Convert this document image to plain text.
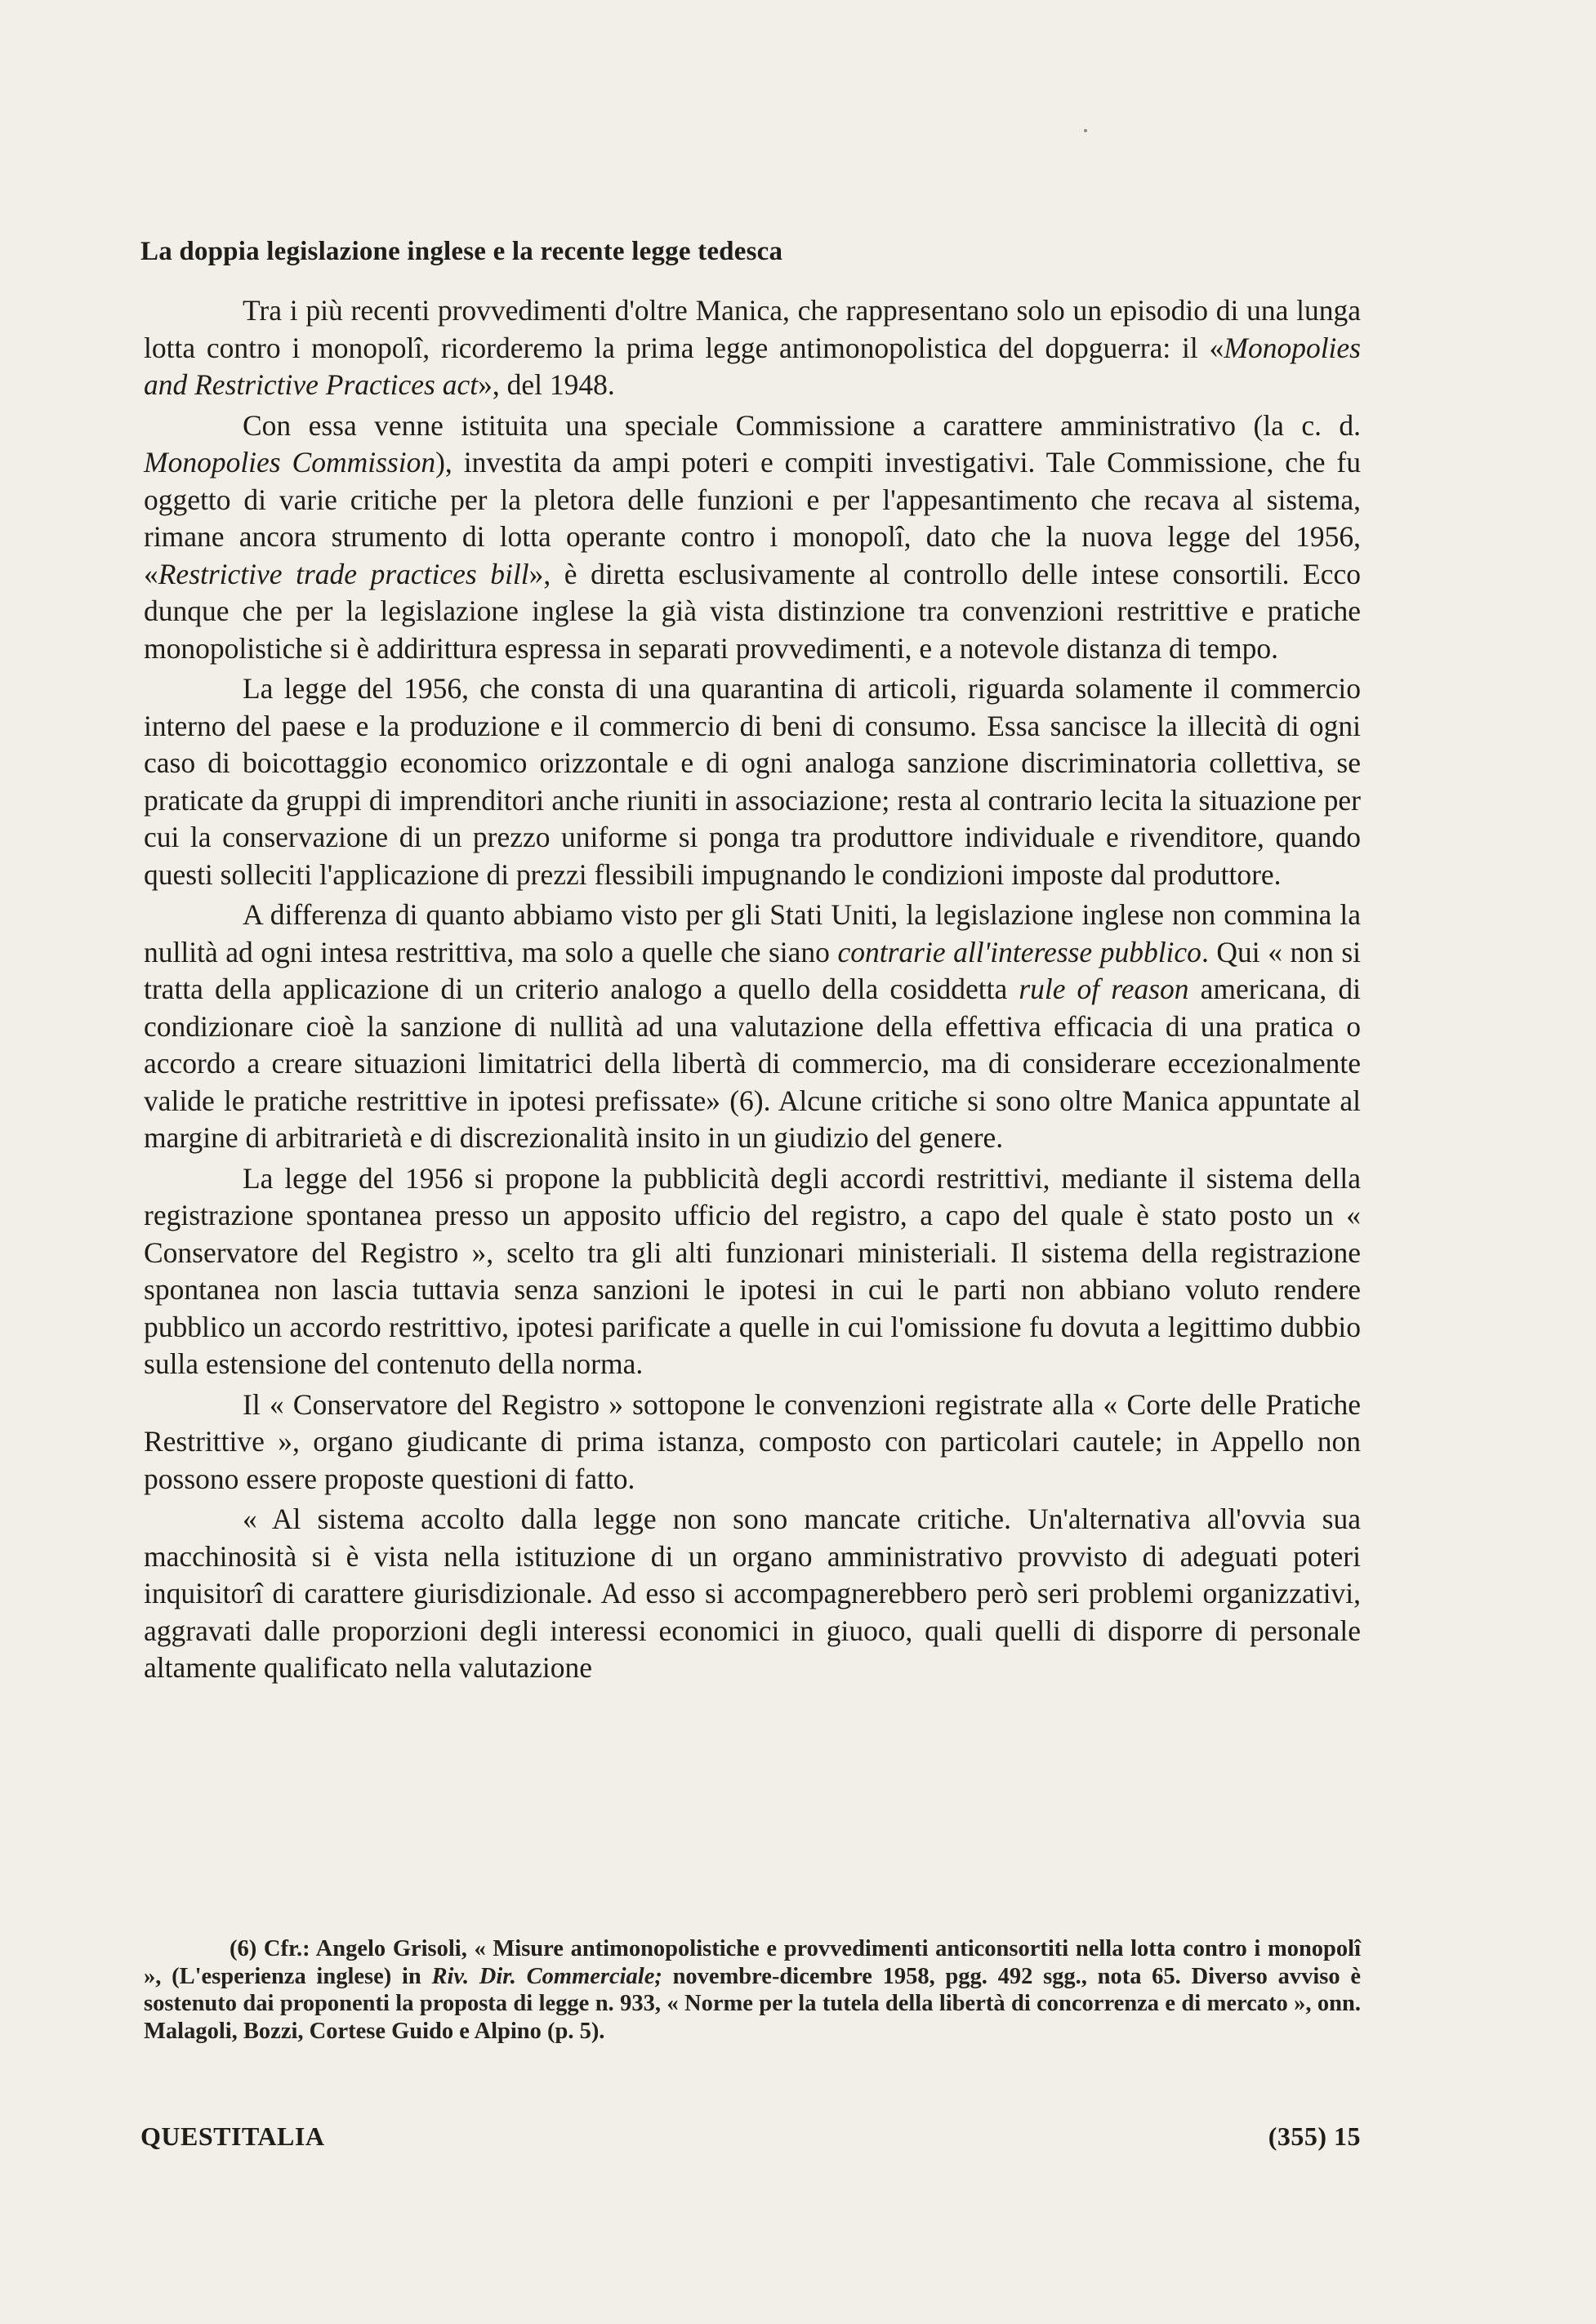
La doppia legislazione inglese e la recente legge tedesca

Tra i più recenti provvedimenti d'oltre Manica, che rappresentano solo un episodio di una lunga lotta contro i monopolî, ricorderemo la prima legge antimonopolistica del dopguerra: il «Monopolies and Restrictive Practices act», del 1948.

Con essa venne istituita una speciale Commissione a carattere amministrativo (la c. d. Monopolies Commission), investita da ampi poteri e compiti investigativi. Tale Commissione, che fu oggetto di varie critiche per la pletora delle funzioni e per l'appesantimento che recava al sistema, rimane ancora strumento di lotta operante contro i monopolî, dato che la nuova legge del 1956, «Restrictive trade practices bill», è diretta esclusivamente al controllo delle intese consortili. Ecco dunque che per la legislazione inglese la già vista distinzione tra convenzioni restrittive e pratiche monopolistiche si è addirittura espressa in separati provvedimenti, e a notevole distanza di tempo.

La legge del 1956, che consta di una quarantina di articoli, riguarda solamente il commercio interno del paese e la produzione e il commercio di beni di consumo. Essa sancisce la illecità di ogni caso di boicottaggio economico orizzontale e di ogni analoga sanzione discriminatoria collettiva, se praticate da gruppi di imprenditori anche riuniti in associazione; resta al contrario lecita la situazione per cui la conservazione di un prezzo uniforme si ponga tra produttore individuale e rivenditore, quando questi solleciti l'applicazione di prezzi flessibili impugnando le condizioni imposte dal produttore.

A differenza di quanto abbiamo visto per gli Stati Uniti, la legislazione inglese non commina la nullità ad ogni intesa restrittiva, ma solo a quelle che siano contrarie all'interesse pubblico. Qui « non si tratta della applicazione di un criterio analogo a quello della cosiddetta rule of reason americana, di condizionare cioè la sanzione di nullità ad una valutazione della effettiva efficacia di una pratica o accordo a creare situazioni limitatrici della libertà di commercio, ma di considerare eccezionalmente valide le pratiche restrittive in ipotesi prefissate» (6). Alcune critiche si sono oltre Manica appuntate al margine di arbitrarietà e di discrezionalità insito in un giudizio del genere.

La legge del 1956 si propone la pubblicità degli accordi restrittivi, mediante il sistema della registrazione spontanea presso un apposito ufficio del registro, a capo del quale è stato posto un « Conservatore del Registro », scelto tra gli alti funzionari ministeriali. Il sistema della registrazione spontanea non lascia tuttavia senza sanzioni le ipotesi in cui le parti non abbiano voluto rendere pubblico un accordo restrittivo, ipotesi parificate a quelle in cui l'omissione fu dovuta a legittimo dubbio sulla estensione del contenuto della norma.

Il « Conservatore del Registro » sottopone le convenzioni registrate alla « Corte delle Pratiche Restrittive », organo giudicante di prima istanza, composto con particolari cautele; in Appello non possono essere proposte questioni di fatto.

« Al sistema accolto dalla legge non sono mancate critiche. Un'alternativa all'ovvia sua macchinosità si è vista nella istituzione di un organo amministrativo provvisto di adeguati poteri inquisitorî di carattere giurisdizionale. Ad esso si accompagnerebbero però seri problemi organizzativi, aggravati dalle proporzioni degli interessi economici in giuoco, quali quelli di disporre di personale altamente qualificato nella valutazione

(6) Cfr.: Angelo Grisoli, « Misure antimonopolistiche e provvedimenti anticonsortiti nella lotta contro i monopolî », (L'esperienza inglese) in Riv. Dir. Commerciale; novembre-dicembre 1958, pgg. 492 sgg., nota 65. Diverso avviso è sostenuto dai proponenti la proposta di legge n. 933, « Norme per la tutela della libertà di concorrenza e di mercato », onn. Malagoli, Bozzi, Cortese Guido e Alpino (p. 5).

QUESTITALIA	(355) 15
